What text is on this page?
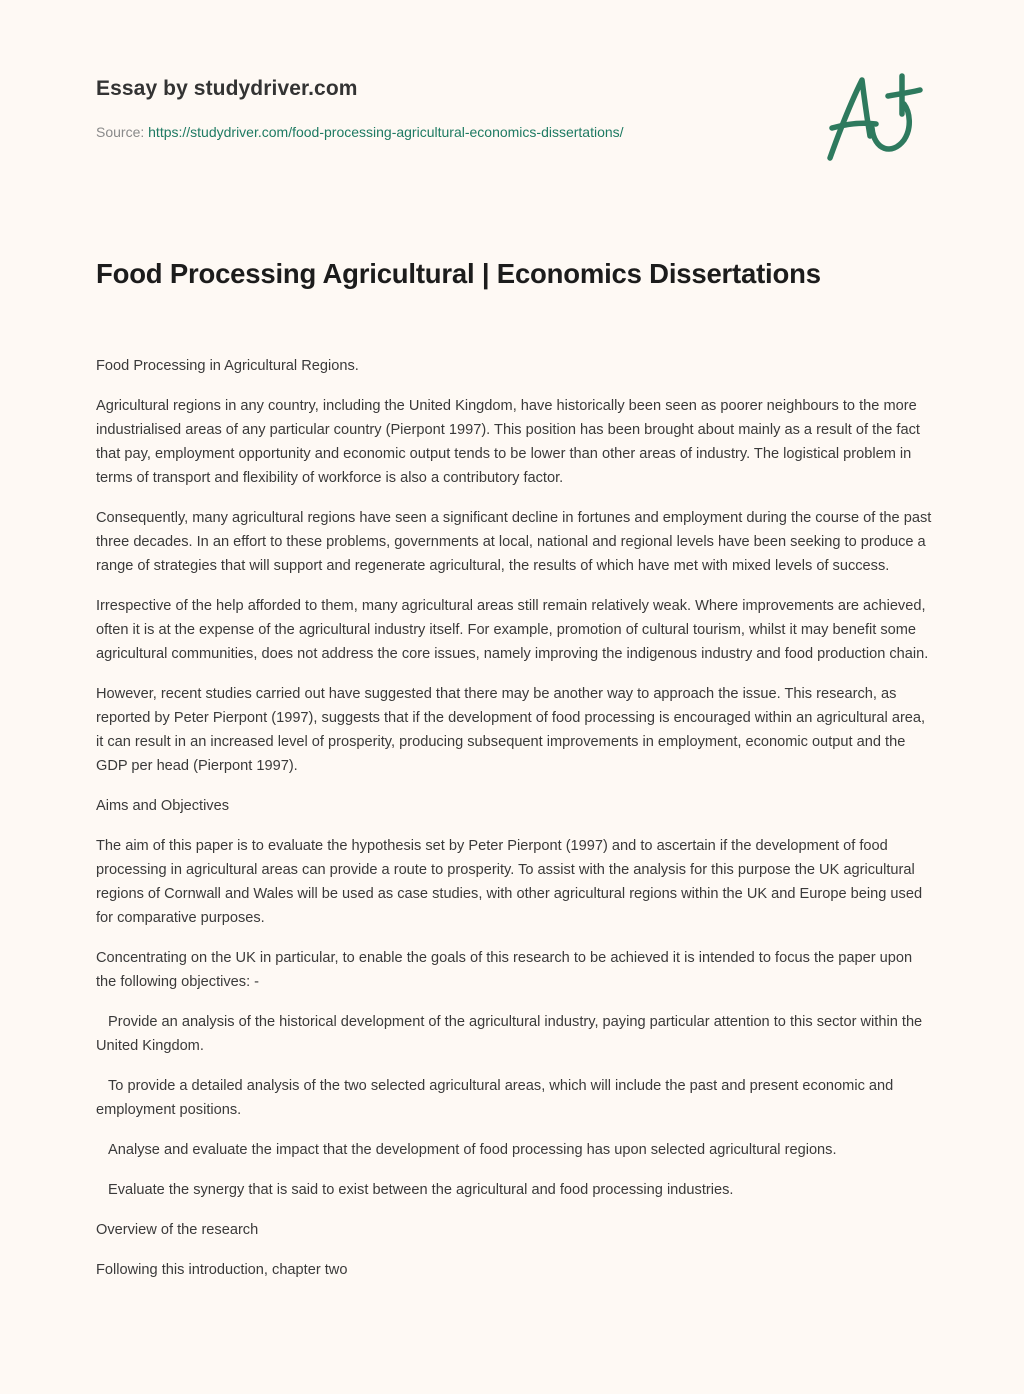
Essay by studydriver.com
Source: https://studydriver.com/food-processing-agricultural-economics-dissertations/
Food Processing Agricultural | Economics Dissertations

Food Processing in Agricultural Regions.

Agricultural regions in any country, including the United Kingdom, have historically been seen as poorer neighbours to the more industrialised areas of any particular country (Pierpont 1997). This position has been brought about mainly as a result of the fact that pay, employment opportunity and economic output tends to be lower than other areas of industry. The logistical problem in terms of transport and flexibility of workforce is also a contributory factor.

Consequently, many agricultural regions have seen a significant decline in fortunes and employment during the course of the past three decades. In an effort to these problems, governments at local, national and regional levels have been seeking to produce a range of strategies that will support and regenerate agricultural, the results of which have met with mixed levels of success.

Irrespective of the help afforded to them, many agricultural areas still remain relatively weak. Where improvements are achieved, often it is at the expense of the agricultural industry itself. For example, promotion of cultural tourism, whilst it may benefit some agricultural communities, does not address the core issues, namely improving the indigenous industry and food production chain.

However, recent studies carried out have suggested that there may be another way to approach the issue. This research, as reported by Peter Pierpont (1997), suggests that if the development of food processing is encouraged within an agricultural area, it can result in an increased level of prosperity, producing subsequent improvements in employment, economic output and the GDP per head (Pierpont 1997).

Aims and Objectives

The aim of this paper is to evaluate the hypothesis set by Peter Pierpont (1997) and to ascertain if the development of food processing in agricultural areas can provide a route to prosperity. To assist with the analysis for this purpose the UK agricultural regions of Cornwall and Wales will be used as case studies, with other agricultural regions within the UK and Europe being used for comparative purposes.

Concentrating on the UK in particular, to enable the goals of this research to be achieved it is intended to focus the paper upon the following objectives: -

Provide an analysis of the historical development of the agricultural industry, paying particular attention to this sector within the United Kingdom.

To provide a detailed analysis of the two selected agricultural areas, which will include the past and present economic and employment positions.

Analyse and evaluate the impact that the development of food processing has upon selected agricultural regions.

Evaluate the synergy that is said to exist between the agricultural and food processing industries.

Overview of the research

Following this introduction, chapter two
